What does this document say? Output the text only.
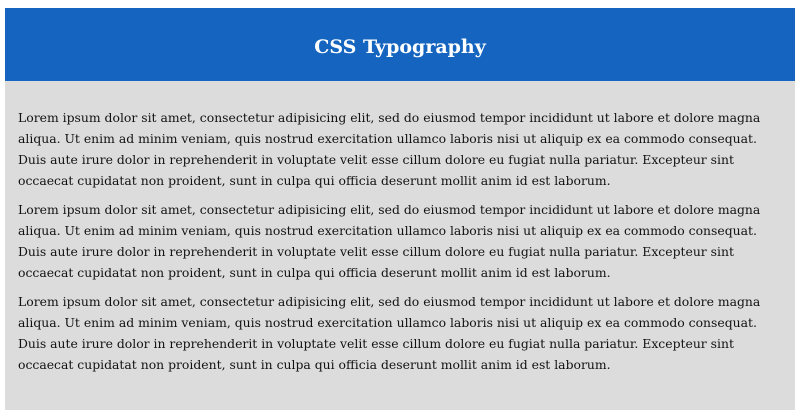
CSS Typography

Lorem ipsum dolor sit amet, consectetur adipisicing elit, sed do eiusmod tempor incididunt ut labore et dolore magna aliqua. Ut enim ad minim veniam, quis nostrud exercitation ullamco laboris nisi ut aliquip ex ea commodo consequat. Duis aute irure dolor in reprehenderit in voluptate velit esse cillum dolore eu fugiat nulla pariatur. Excepteur sint occaecat cupidatat non proident, sunt in culpa qui officia deserunt mollit anim id est laborum.

Lorem ipsum dolor sit amet, consectetur adipisicing elit, sed do eiusmod tempor incididunt ut labore et dolore magna aliqua. Ut enim ad minim veniam, quis nostrud exercitation ullamco laboris nisi ut aliquip ex ea commodo consequat. Duis aute irure dolor in reprehenderit in voluptate velit esse cillum dolore eu fugiat nulla pariatur. Excepteur sint occaecat cupidatat non proident, sunt in culpa qui officia deserunt mollit anim id est laborum.

Lorem ipsum dolor sit amet, consectetur adipisicing elit, sed do eiusmod tempor incididunt ut labore et dolore magna aliqua. Ut enim ad minim veniam, quis nostrud exercitation ullamco laboris nisi ut aliquip ex ea commodo consequat. Duis aute irure dolor in reprehenderit in voluptate velit esse cillum dolore eu fugiat nulla pariatur. Excepteur sint occaecat cupidatat non proident, sunt in culpa qui officia deserunt mollit anim id est laborum.
